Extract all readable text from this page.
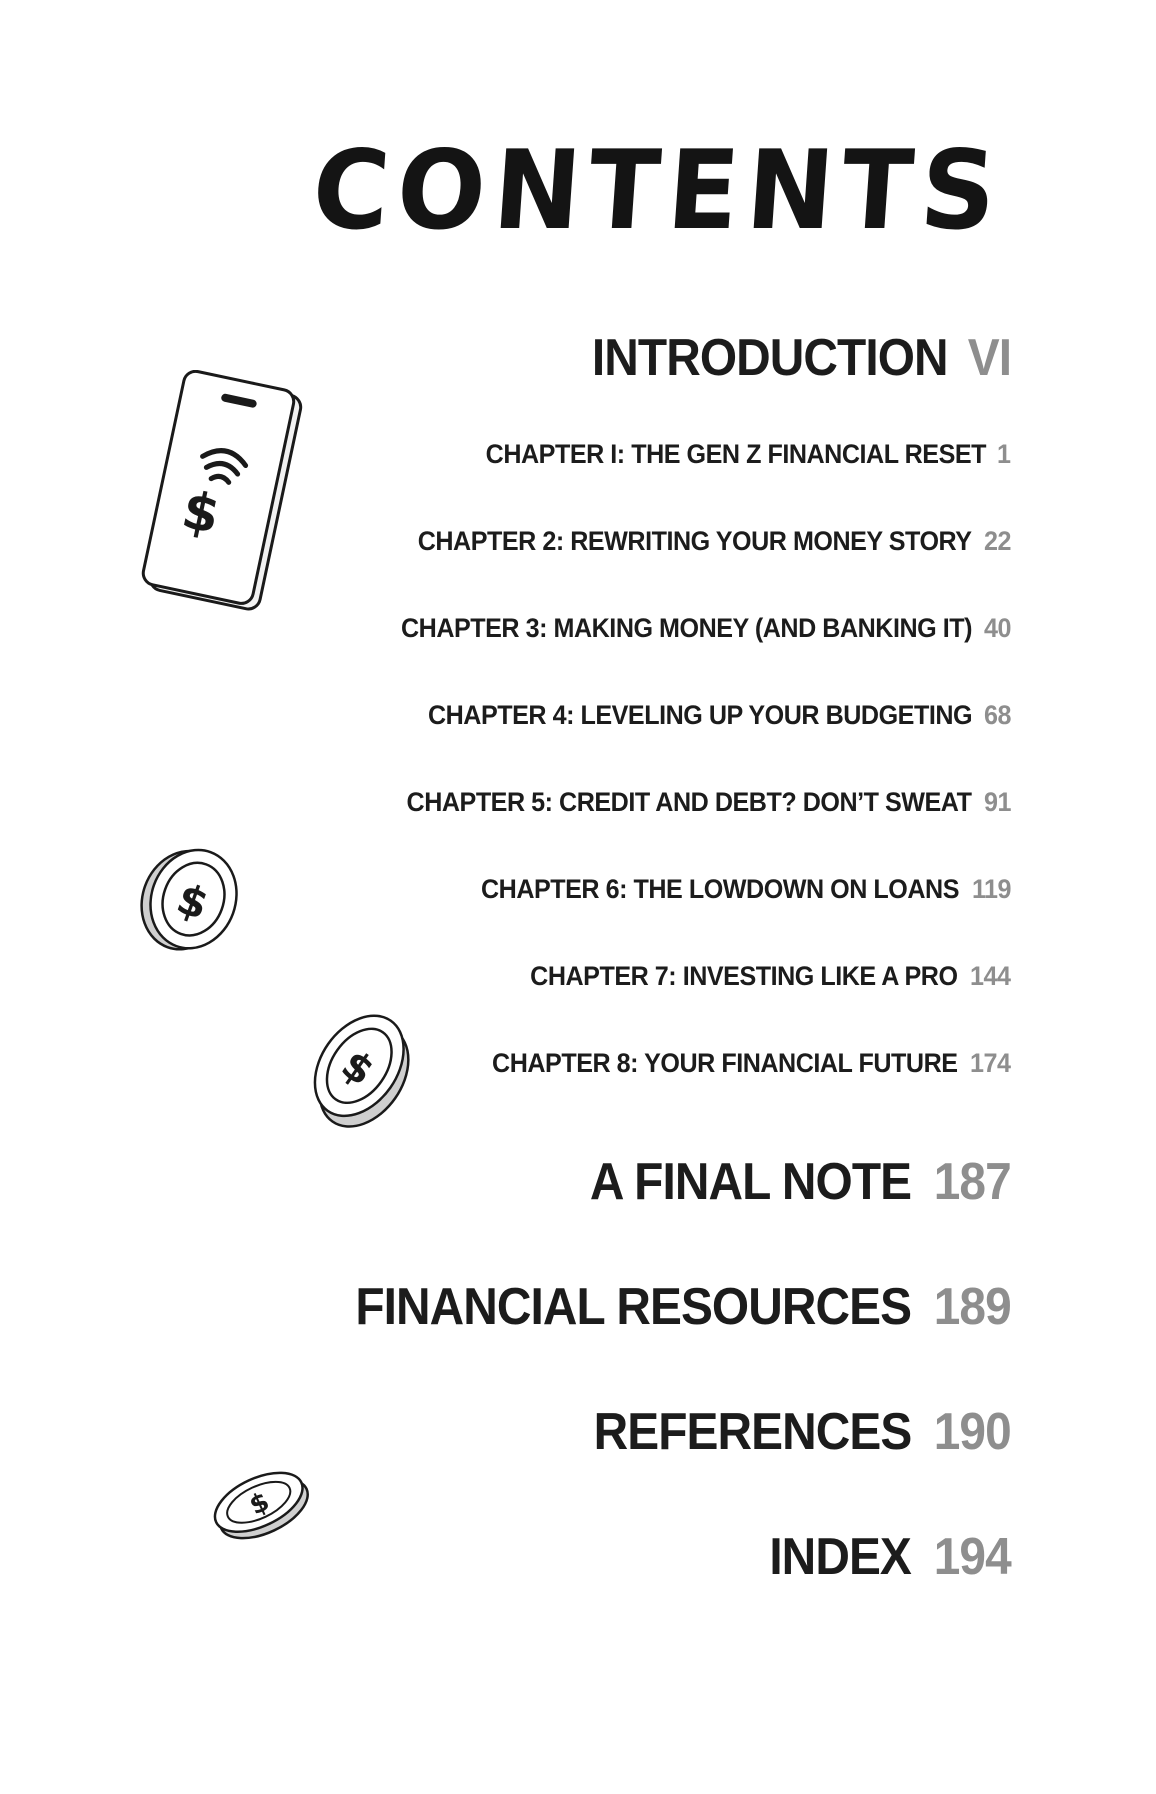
CONTENTS
INTRODUCTION VI
CHAPTER I: THE GEN Z FINANCIAL RESET 1
CHAPTER 2: REWRITING YOUR MONEY STORY 22
CHAPTER 3: MAKING MONEY (AND BANKING IT) 40
CHAPTER 4: LEVELING UP YOUR BUDGETING 68
CHAPTER 5: CREDIT AND DEBT? DON’T SWEAT 91
CHAPTER 6: THE LOWDOWN ON LOANS 119
CHAPTER 7: INVESTING LIKE A PRO 144
CHAPTER 8: YOUR FINANCIAL FUTURE 174
A FINAL NOTE 187
FINANCIAL RESOURCES 189
REFERENCES 190
INDEX 194
$
$
$
$
